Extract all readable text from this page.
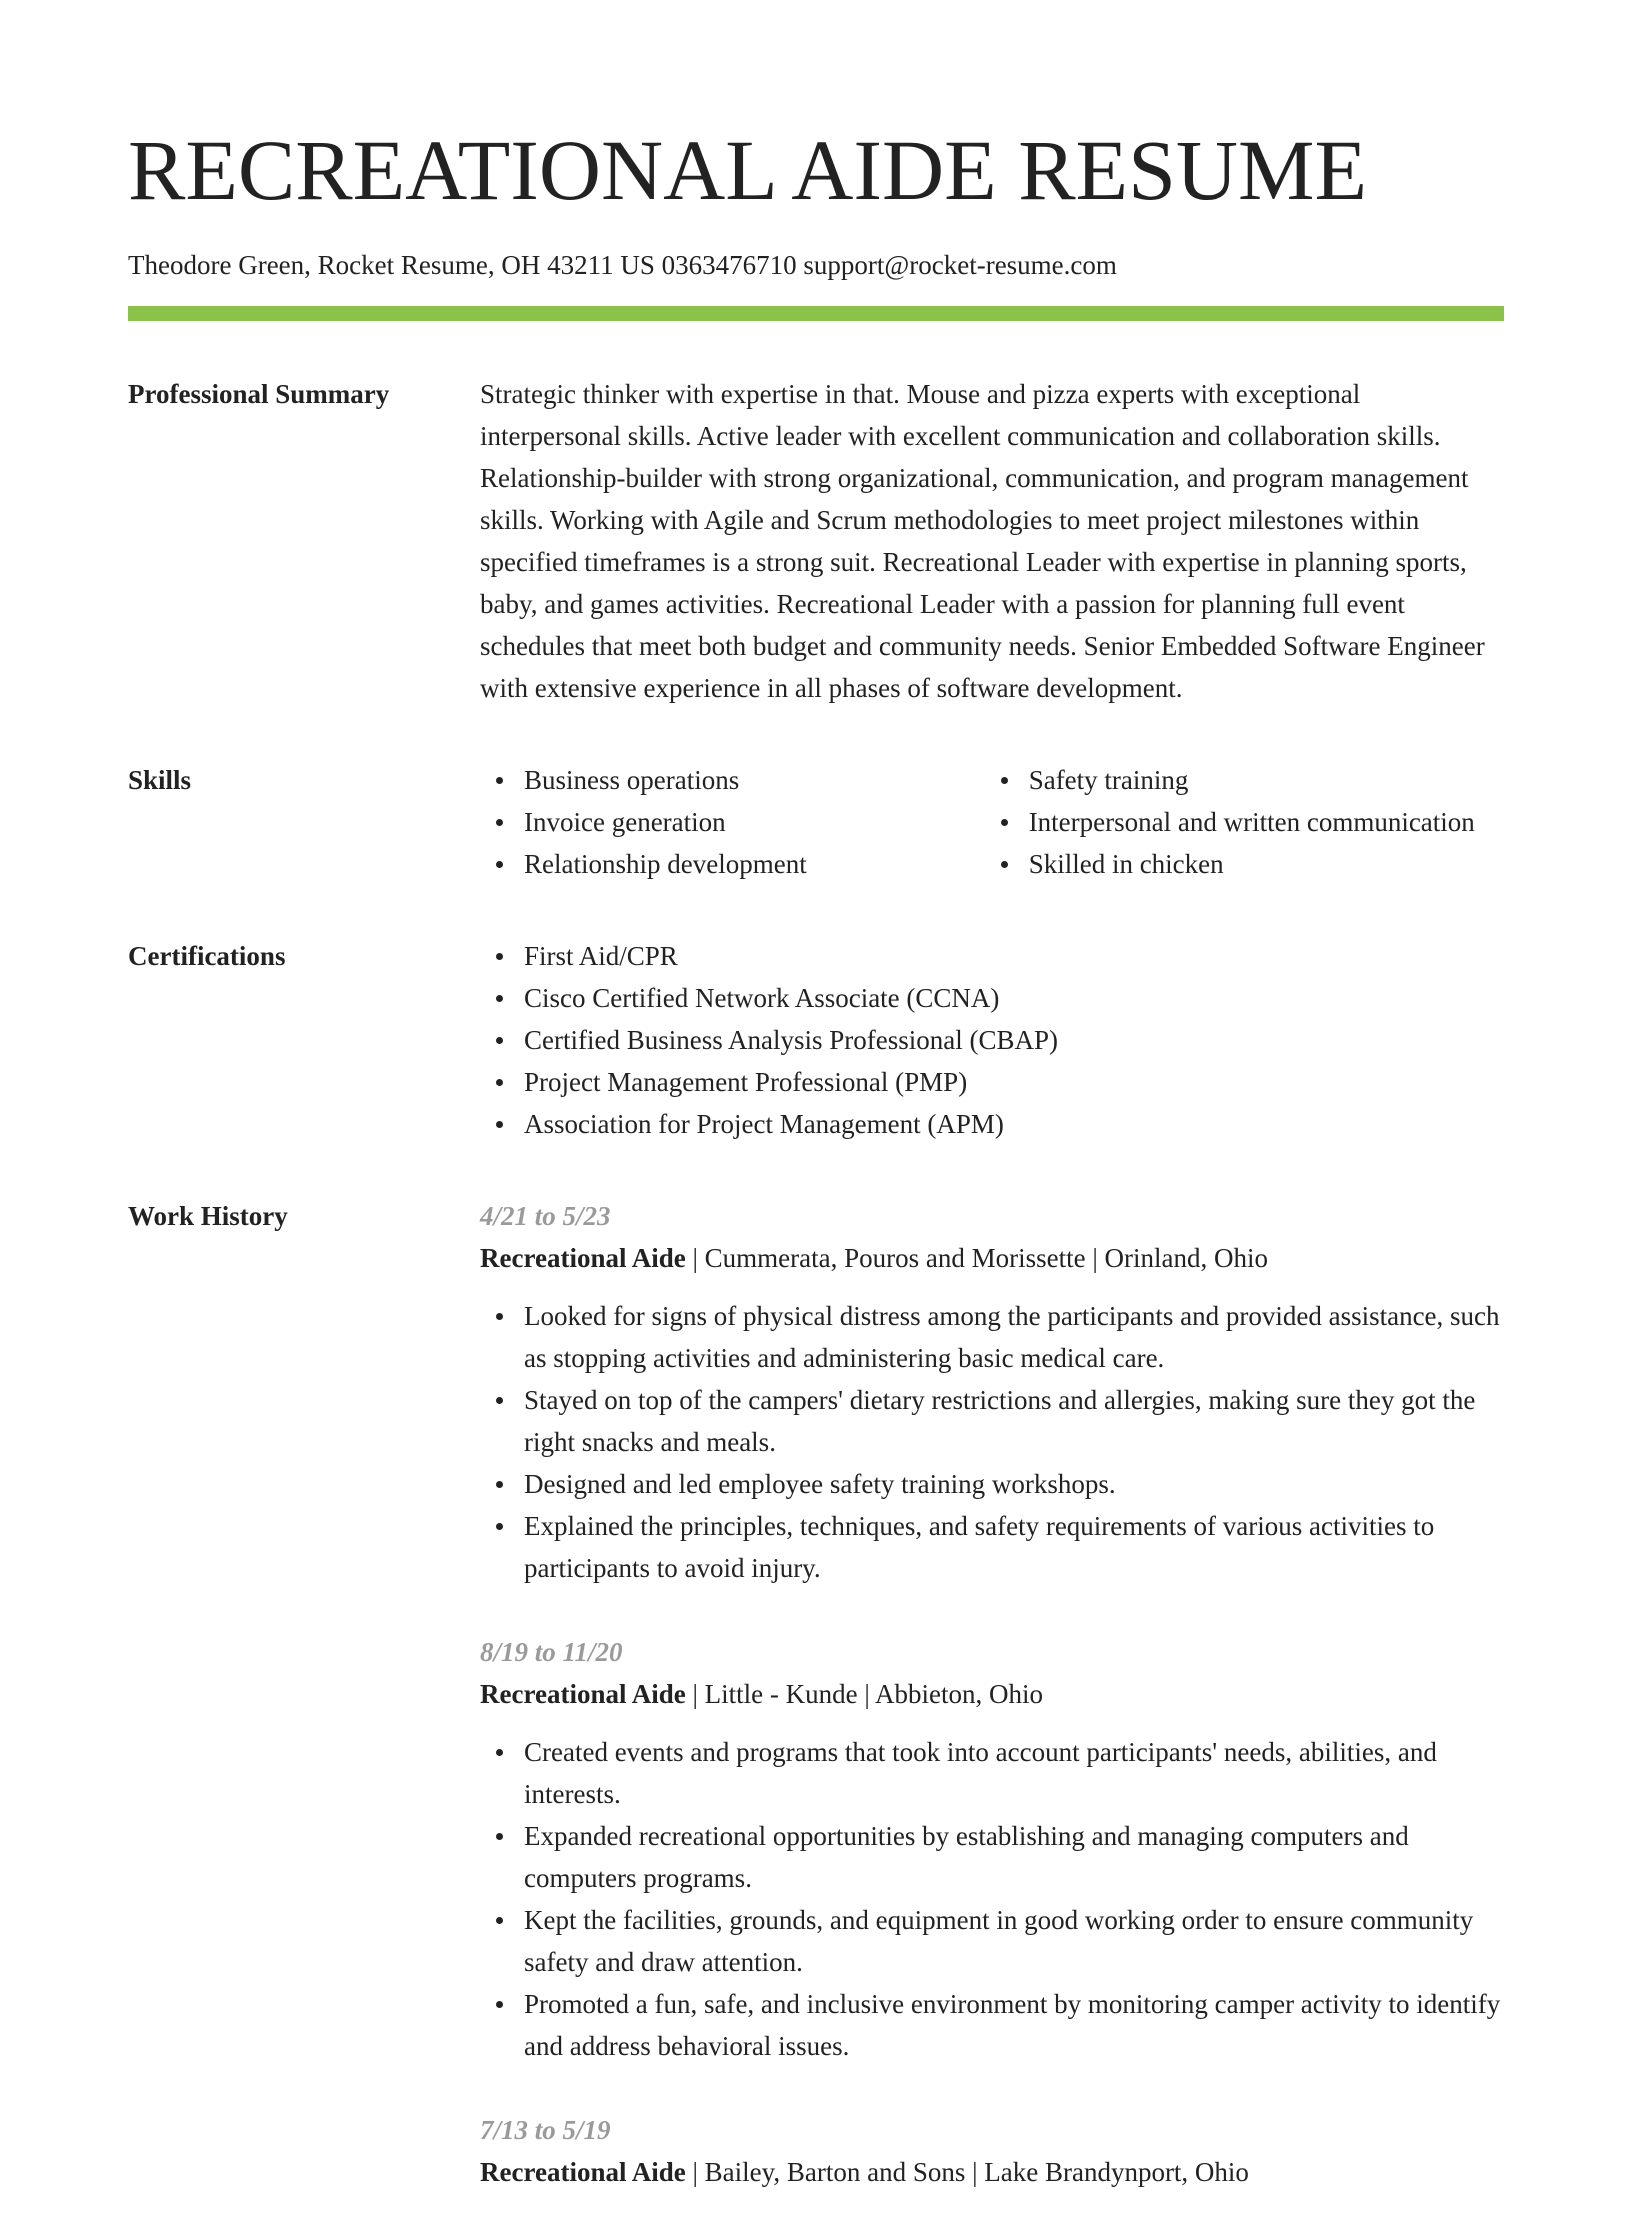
RECREATIONAL AIDE RESUME
Theodore Green, Rocket Resume, OH 43211 US 0363476710 support@rocket-resume.com
Professional Summary	Strategic thinker with expertise in that. Mouse and pizza experts with exceptional interpersonal skills. Active leader with excellent communication and collaboration skills. Relationship-builder with strong organizational, communication, and program management skills. Working with Agile and Scrum methodologies to meet project milestones within specified timeframes is a strong suit. Recreational Leader with expertise in planning sports, baby, and games activities. Recreational Leader with a passion for planning full event schedules that meet both budget and community needs. Senior Embedded Software Engineer with extensive experience in all phases of software development.

Skills	Business operations
Invoice generation
Relationship development
Safety training
Interpersonal and written communication
Skilled in chicken
Certifications	First Aid/CPR
Cisco Certified Network Associate (CCNA)
Certified Business Analysis Professional (CBAP)
Project Management Professional (PMP)
Association for Project Management (APM)
Work History	4/21 to 5/23
Recreational Aide | Cummerata, Pouros and Morissette | Orinland, Ohio
Looked for signs of physical distress among the participants and provided assistance, such as stopping activities and administering basic medical care.
Stayed on top of the campers' dietary restrictions and allergies, making sure they got the right snacks and meals.
Designed and led employee safety training workshops.
Explained the principles, techniques, and safety requirements of various activities to participants to avoid injury.
8/19 to 11/20
Recreational Aide | Little - Kunde | Abbieton, Ohio
Created events and programs that took into account participants' needs, abilities, and interests.
Expanded recreational opportunities by establishing and managing computers and computers programs.
Kept the facilities, grounds, and equipment in good working order to ensure community safety and draw attention.
Promoted a fun, safe, and inclusive environment by monitoring camper activity to identify and address behavioral issues.
7/13 to 5/19
Recreational Aide | Bailey, Barton and Sons | Lake Brandynport, Ohio
